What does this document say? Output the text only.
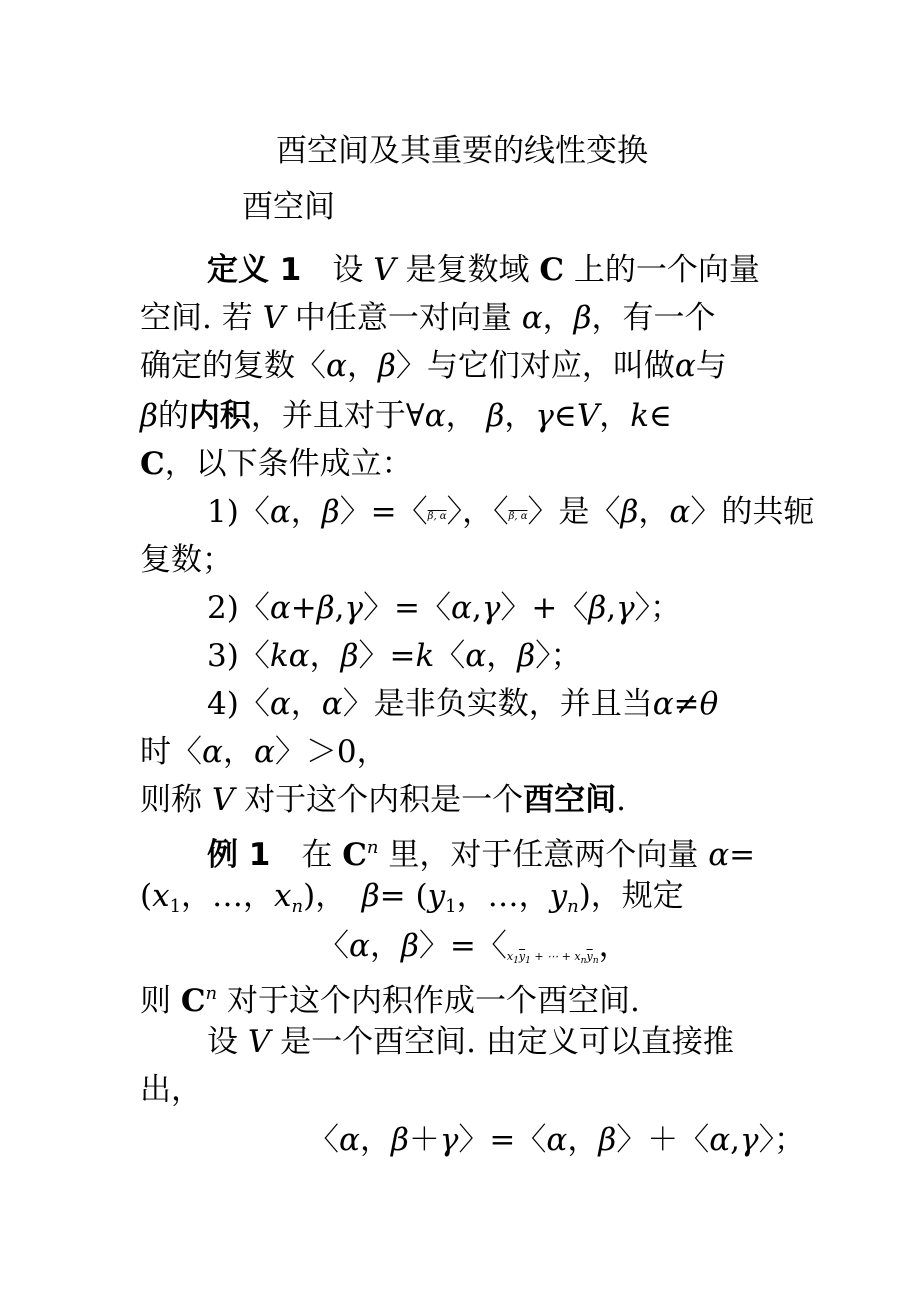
酉空间及其重要的线性变换
酉空间
定义 1　 设 V 是复数域 C 上的一个向量
空间. 若 V 中任意一对向量 α，β，有一个
确定的复数〈α，β〉与它们对应，叫做α与
β的内积，并且对于∀α， β，γ∈V，k∈
C，以下条件成立：
1)〈α，β〉=〈β, α〉，〈β, α〉是〈β，α〉的共轭
复数；
2)〈α+β,γ〉=〈α,γ〉+〈β,γ〉；
3)〈kα，β〉=k〈α，β〉；
4)〈α，α〉是非负实数，并且当α≠θ
时〈α，α〉＞0，
则称 V 对于这个内积是一个酉空间.
例 1　 在 $C^n$ 里，对于任意两个向量 α=
($x_1$，…，$x_n$)，　 $\beta= (y_1$，…，$y_n$)，规定
〈α，β〉=〈$x_1\overline{y}_1$ + ⋯ + $x_n\overline{y}_n$，
则 $C^n$ 对于这个内积作成一个酉空间.
设 V 是一个酉空间. 由定义可以直接推
出，
〈α，β＋γ〉=〈α，β〉＋〈α,γ〉；
